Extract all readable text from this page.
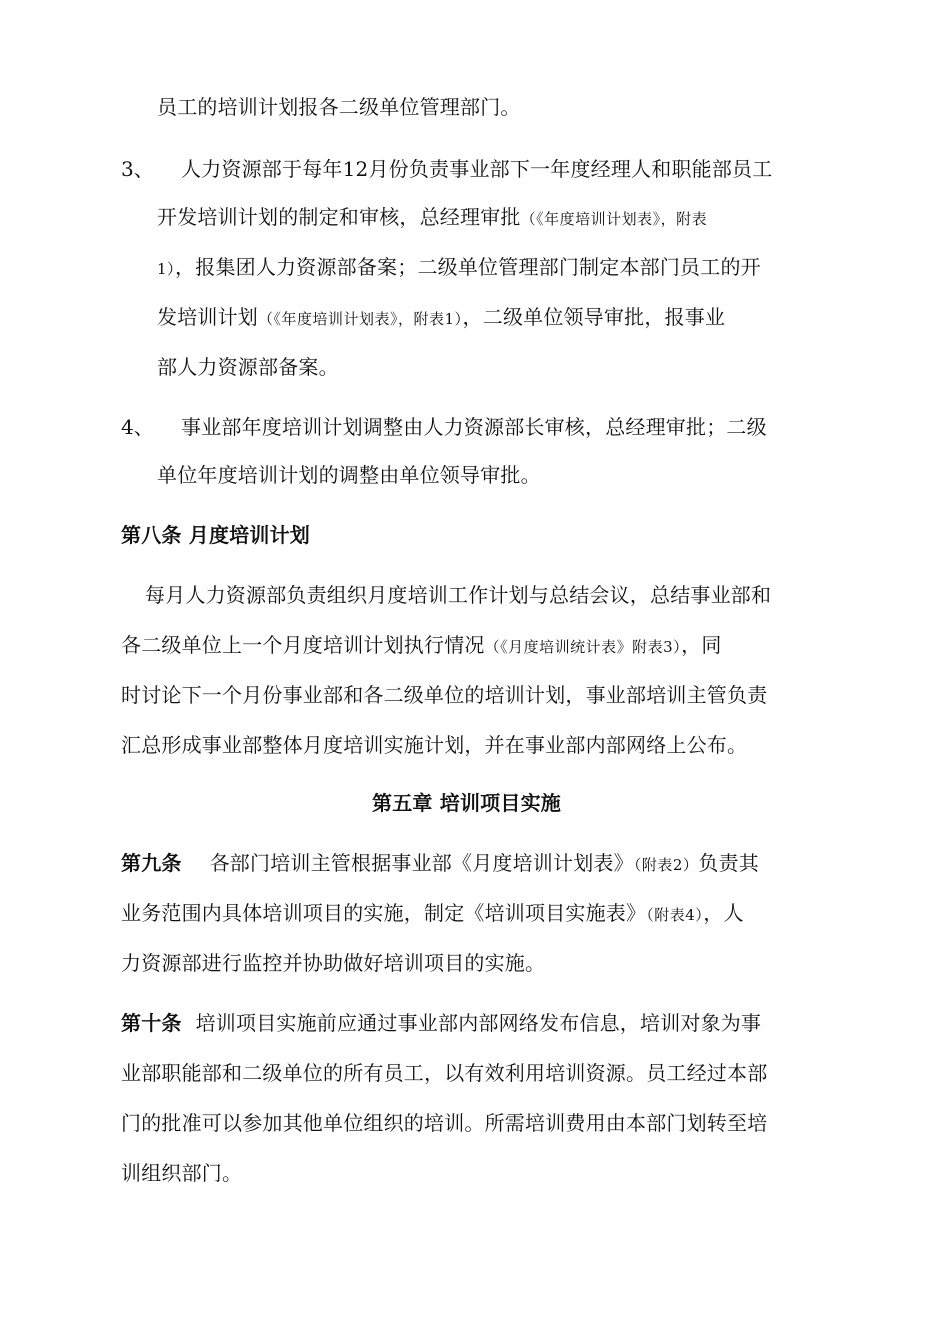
员工的培训计划报各二级单位管理部门。
3、 人力资源部于每年12月份负责事业部下一年度经理人和职能部员工
开发培训计划的制定和审核，总经理审批（《年度培训计划表》，附表
1），报集团人力资源部备案；二级单位管理部门制定本部门员工的开
发培训计划（《年度培训计划表》，附表1），二级单位领导审批，报事业
部人力资源部备案。
4、 事业部年度培训计划调整由人力资源部长审核，总经理审批；二级
单位年度培训计划的调整由单位领导审批。
第八条 月度培训计划
每月人力资源部负责组织月度培训工作计划与总结会议，总结事业部和
各二级单位上一个月度培训计划执行情况（《月度培训统计表》附表3），同
时讨论下一个月份事业部和各二级单位的培训计划，事业部培训主管负责
汇总形成事业部整体月度培训实施计划，并在事业部内部网络上公布。
第五章 培训项目实施
第九条 各部门培训主管根据事业部《月度培训计划表》（附表2）负责其
业务范围内具体培训项目的实施，制定《培训项目实施表》（附表4），人
力资源部进行监控并协助做好培训项目的实施。
第十条 培训项目实施前应通过事业部内部网络发布信息，培训对象为事
业部职能部和二级单位的所有员工，以有效利用培训资源。员工经过本部
门的批准可以参加其他单位组织的培训。所需培训费用由本部门划转至培
训组织部门。
